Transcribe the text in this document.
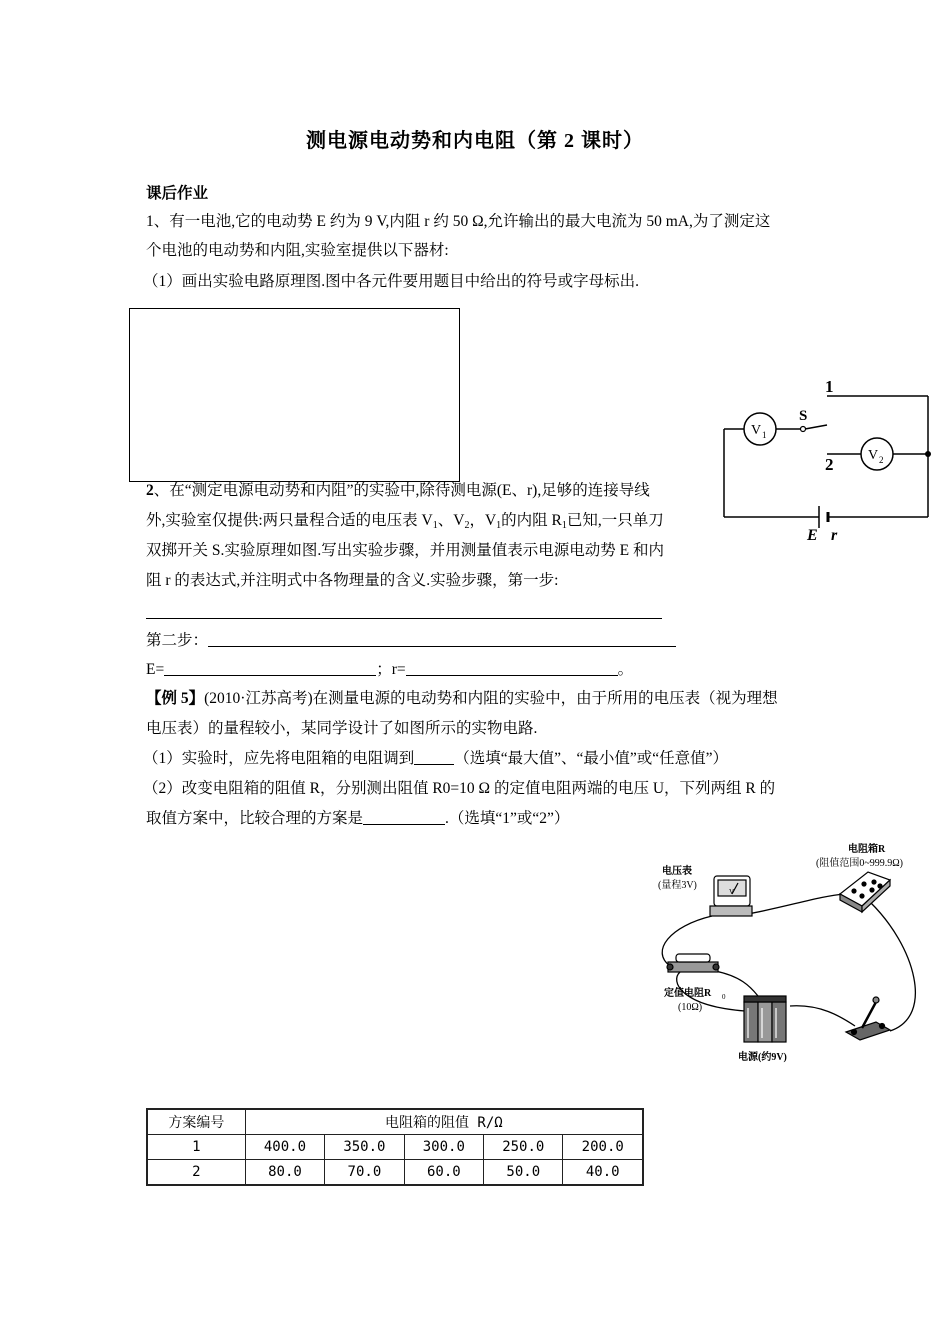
测电源电动势和内电阻（第 2 课时）
课后作业
1、有一电池,它的电动势 E 约为 9 V,内阻 r 约 50 Ω,允许输出的最大电流为 50 mA,为了测定这
个电池的电动势和内阻,实验室提供以下器材:
（1）画出实验电路原理图.图中各元件要用题目中给出的符号或字母标出.
1
2
S
V 1
V 2
E r
2、在“测定电源电动势和内阻”的实验中,除待测电源(E、r),足够的连接导线
外,实验室仅提供:两只量程合适的电压表 $V_1$、$V_2$，$V_1$的内阻 $R_1$已知,一只单刀
双掷开关 S.实验原理如图.写出实验步骤，并用测量值表示电源电动势 E 和内
阻 r 的表达式,并注明式中各物理量的含义.实验步骤，第一步:
第二步：
E=	；r=	。
【例 5】(2010·江苏高考)在测量电源的电动势和内阻的实验中，由于所用的电压表（视为理想
电压表）的量程较小，某同学设计了如图所示的实物电路.
（1）实验时，应先将电阻箱的电阻调到	（选填“最大值”、“最小值”或“任意值”）
（2）改变电阻箱的阻值 R，分别测出阻值 R0=10 Ω 的定值电阻两端的电压 U，下列两组 R 的
取值方案中，比较合理的方案是	.（选填“1”或“2”）
电压表
(量程3V)
电阻箱R
(阻值范围0~999.9Ω)
定值电阻R 0
(10Ω)
电源(约9V)
V
方案编号	电阻箱的阻值 R/Ω				
1	400.0	350.0	300.0	250.0	200.0
2	80.0	70.0	60.0	50.0	40.0
